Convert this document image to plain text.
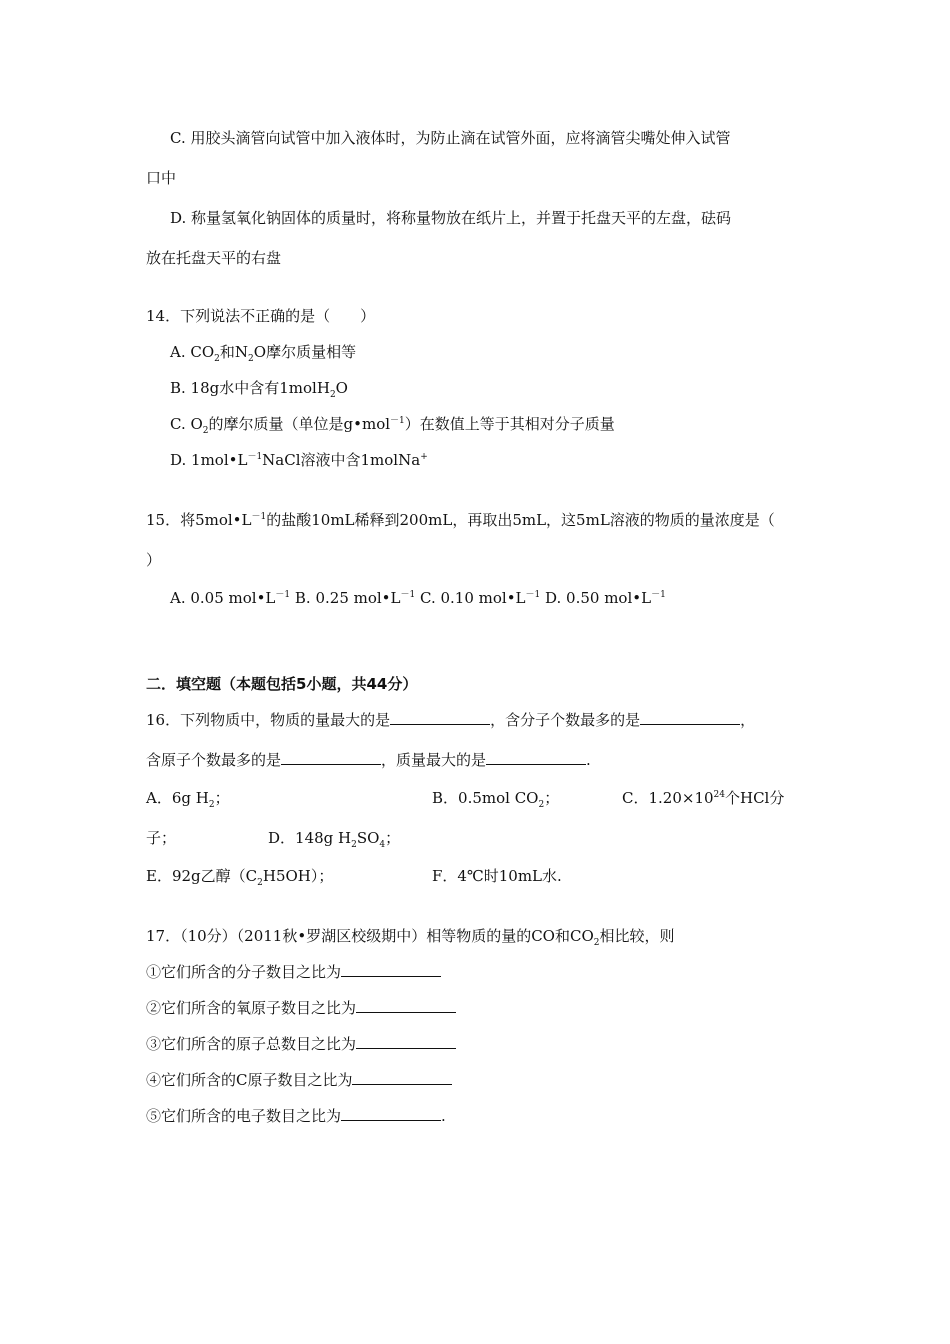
C. 用胶头滴管向试管中加入液体时，为防止滴在试管外面，应将滴管尖嘴处伸入试管
口中
D. 称量氢氧化钠固体的质量时，将称量物放在纸片上，并置于托盘天平的左盘，砝码
放在托盘天平的右盘
14．下列说法不正确的是（　　）
A. $CO_2$和$N_2O$摩尔质量相等
B. 18g水中含有1molH$_2$O
C. $O_2$的摩尔质量（单位是g•mol$^{-1}$）在数值上等于其相对分子质量
D. $1mol•L^{-1}NaCl$溶液中含1molNa+
15．将$5mol•L^{-1}$的盐酸10mL稀释到200mL，再取出5mL，这5mL溶液的物质的量浓度是（
）
A. 0.05 $mol•L^{-1}$ B. 0.25 $mol•L^{-1}$ C. 0.10 $mol•L^{-1}$ D. 0.50 $mol•L^{-1}$
二．填空题（本题包括5小题，共44分）
16．下列物质中，物质的量最大的是	，含分子个数最多的是	，
含原子个数最多的是	，质量最大的是	.
A．6g $H_2$；	B．0.5mol $CO_2$；	C．$1.20\times 10^{24}$个HCl分
子；	D．148g $H_2SO_4$；
E．92g乙醇$(C_2H5OH)$；	F．4℃时10mL水.
17．（10分）（2011秋•罗湖区校级期中）相等物质的量的CO和$CO_2$相比较，则
①它们所含的分子数目之比为
②它们所含的氧原子数目之比为
③它们所含的原子总数目之比为
④它们所含的C原子数目之比为
⑤它们所含的电子数目之比为	.
